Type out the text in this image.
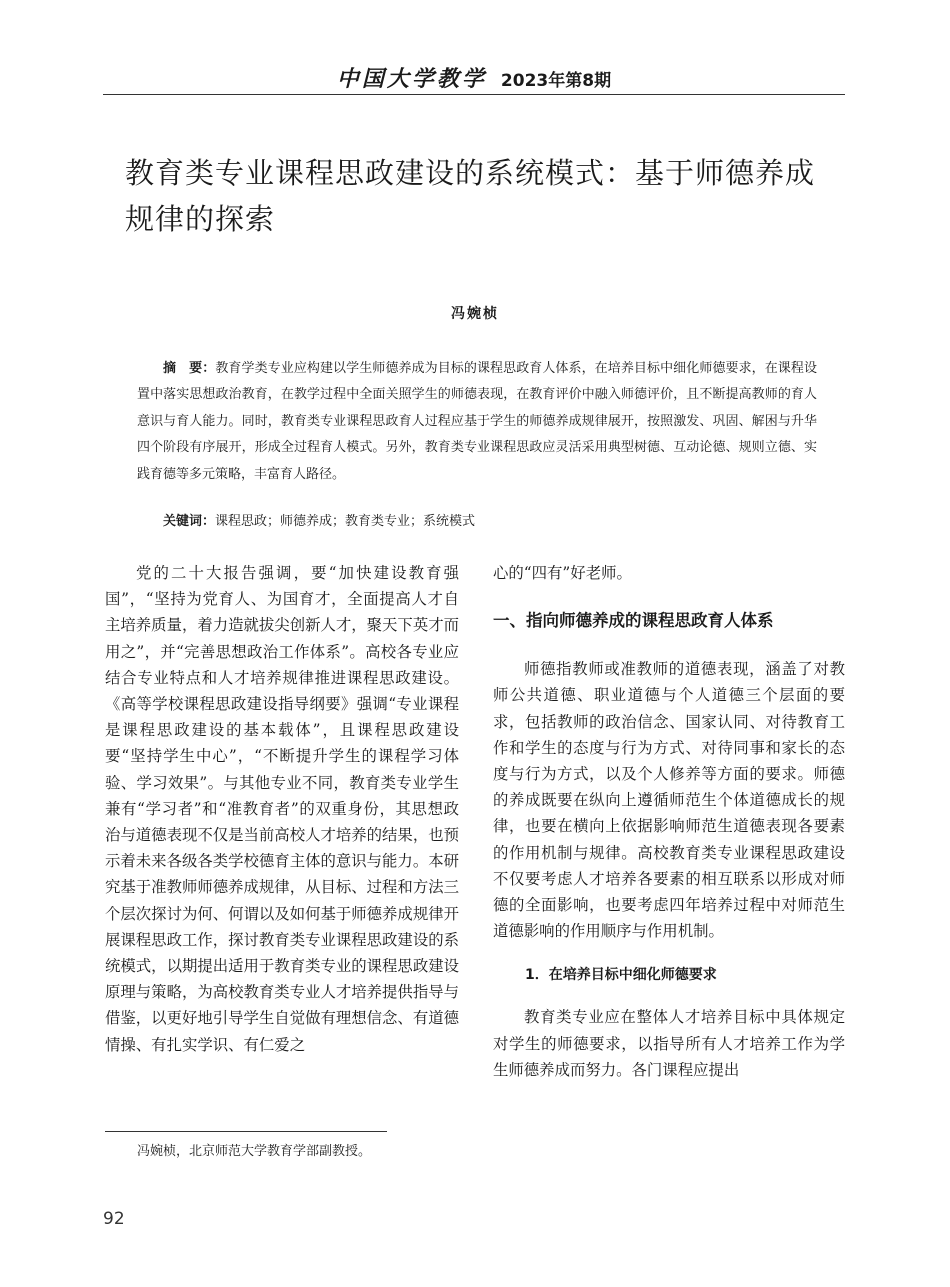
中国大学教学 2023年第8期
教育类专业课程思政建设的系统模式：基于师德养成规律的探索
冯婉桢

摘　要：教育学类专业应构建以学生师德养成为目标的课程思政育人体系，在培养目标中细化师德要求，在课程设置中落实思想政治教育，在教学过程中全面关照学生的师德表现，在教育评价中融入师德评价，且不断提高教师的育人意识与育人能力。同时，教育类专业课程思政育人过程应基于学生的师德养成规律展开，按照激发、巩固、解困与升华四个阶段有序展开，形成全过程育人模式。另外，教育类专业课程思政应灵活采用典型树德、互动论德、规则立德、实践育德等多元策略，丰富育人路径。

关键词：课程思政；师德养成；教育类专业；系统模式

党的二十大报告强调，要“加快建设教育强国”，“坚持为党育人、为国育才，全面提高人才自主培养质量，着力造就拔尖创新人才，聚天下英才而用之”，并“完善思想政治工作体系”。高校各专业应结合专业特点和人才培养规律推进课程思政建设。《高等学校课程思政建设指导纲要》强调“专业课程是课程思政建设的基本载体”，且课程思政建设要“坚持学生中心”，“不断提升学生的课程学习体验、学习效果”。与其他专业不同，教育类专业学生兼有“学习者”和“准教育者”的双重身份，其思想政治与道德表现不仅是当前高校人才培养的结果，也预示着未来各级各类学校德育主体的意识与能力。本研究基于准教师师德养成规律，从目标、过程和方法三个层次探讨为何、何谓以及如何基于师德养成规律开展课程思政工作，探讨教育类专业课程思政建设的系统模式，以期提出适用于教育类专业的课程思政建设原理与策略，为高校教育类专业人才培养提供指导与借鉴，以更好地引导学生自觉做有理想信念、有道德情操、有扎实学识、有仁爱之

心的“四有”好老师。

一、指向师德养成的课程思政育人体系

师德指教师或准教师的道德表现，涵盖了对教师公共道德、职业道德与个人道德三个层面的要求，包括教师的政治信念、国家认同、对待教育工作和学生的态度与行为方式、对待同事和家长的态度与行为方式，以及个人修养等方面的要求。师德的养成既要在纵向上遵循师范生个体道德成长的规律，也要在横向上依据影响师范生道德表现各要素的作用机制与规律。高校教育类专业课程思政建设不仅要考虑人才培养各要素的相互联系以形成对师德的全面影响，也要考虑四年培养过程中对师范生道德影响的作用顺序与作用机制。

1．在培养目标中细化师德要求

教育类专业应在整体人才培养目标中具体规定对学生的师德要求，以指导所有人才培养工作为学生师德养成而努力。各门课程应提出

冯婉桢，北京师范大学教育学部副教授。
92
